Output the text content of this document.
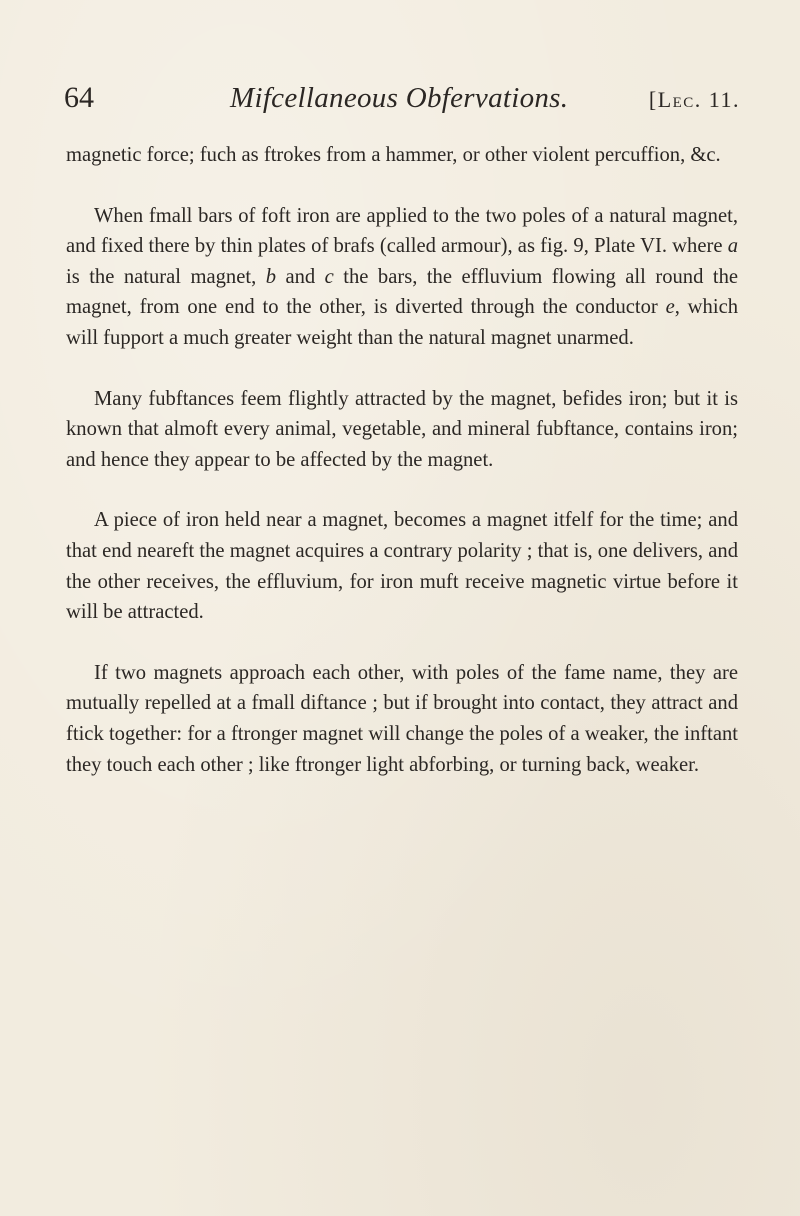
64	Mifcellaneous Obfervations.	[Lec. 11.

magnetic force; fuch as ftrokes from a hammer, or other violent percuffion, &c.

When fmall bars of foft iron are applied to the two poles of a natural magnet, and fixed there by thin plates of brafs (called armour), as fig. 9, Plate VI. where a is the natural magnet, b and c the bars, the effluvium flowing all round the magnet, from one end to the other, is diverted through the conductor e, which will fupport a much greater weight than the natural magnet unarmed.

Many fubftances feem flightly attracted by the magnet, befides iron; but it is known that almoft every animal, vegetable, and mineral fubftance, contains iron; and hence they appear to be affected by the magnet.

A piece of iron held near a magnet, becomes a magnet itfelf for the time; and that end neareft the magnet acquires a contrary polarity ; that is, one delivers, and the other receives, the effluvium, for iron muft receive magnetic virtue before it will be attracted.

If two magnets approach each other, with poles of the fame name, they are mutually repelled at a fmall diftance ; but if brought into contact, they attract and ftick together: for a ftronger magnet will change the poles of a weaker, the inftant they touch each other ; like ftronger light abforbing, or turning back, weaker.
